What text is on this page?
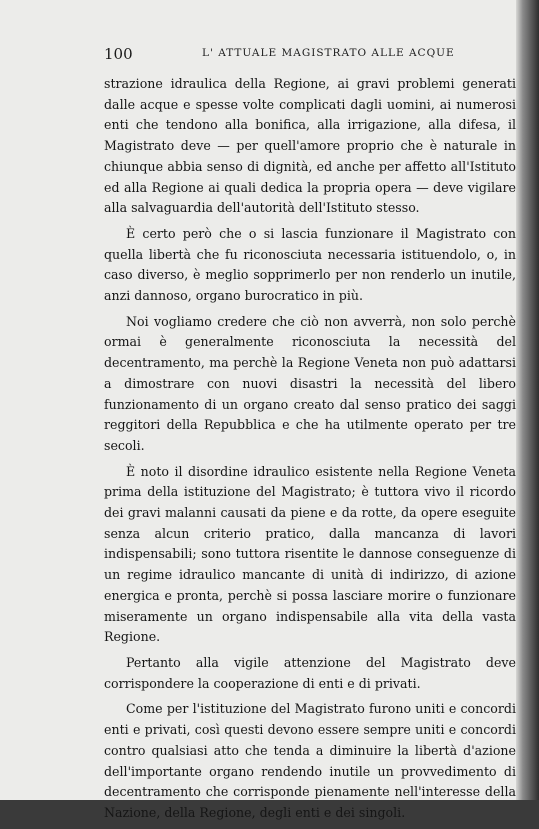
100	L' ATTUALE MAGISTRATO ALLE ACQUE

strazione idraulica della Regione, ai gravi problemi generati dalle acque e spesse volte complicati dagli uomini, ai numerosi enti che tendono alla bonifica, alla irrigazione, alla difesa, il Magistrato deve — per quell'amore proprio che è naturale in chiunque abbia senso di dignità, ed anche per affetto all'Istituto ed alla Regione ai quali dedica la propria opera — deve vigilare alla salvaguardia dell'autorità dell'Istituto stesso.

È certo però che o si lascia funzionare il Magistrato con quella libertà che fu riconosciuta necessaria istituendolo, o, in caso diverso, è meglio sopprimerlo per non renderlo un inutile, anzi dannoso, organo burocratico in più.

Noi vogliamo credere che ciò non avverrà, non solo perchè ormai è generalmente riconosciuta la necessità del decentramento, ma perchè la Regione Veneta non può adattarsi a dimostrare con nuovi disastri la necessità del libero funzionamento di un organo creato dal senso pratico dei saggi reggitori della Repubblica e che ha utilmente operato per tre secoli.

È noto il disordine idraulico esistente nella Regione Veneta prima della istituzione del Magistrato; è tuttora vivo il ricordo dei gravi malanni causati da piene e da rotte, da opere eseguite senza alcun criterio pratico, dalla mancanza di lavori indispensabili; sono tuttora risentite le dannose conseguenze di un regime idraulico mancante di unità di indirizzo, di azione energica e pronta, perchè si possa lasciare morire o funzionare miseramente un organo indispensabile alla vita della vasta Regione.

Pertanto alla vigile attenzione del Magistrato deve corrispondere la cooperazione di enti e di privati.

Come per l'istituzione del Magistrato furono uniti e concordi enti e privati, così questi devono essere sempre uniti e concordi contro qualsiasi atto che tenda a diminuire la libertà d'azione dell'importante organo rendendo inutile un provvedimento di decentramento che corrisponde pienamente nell'interesse della Nazione, della Regione, degli enti e dei singoli.
